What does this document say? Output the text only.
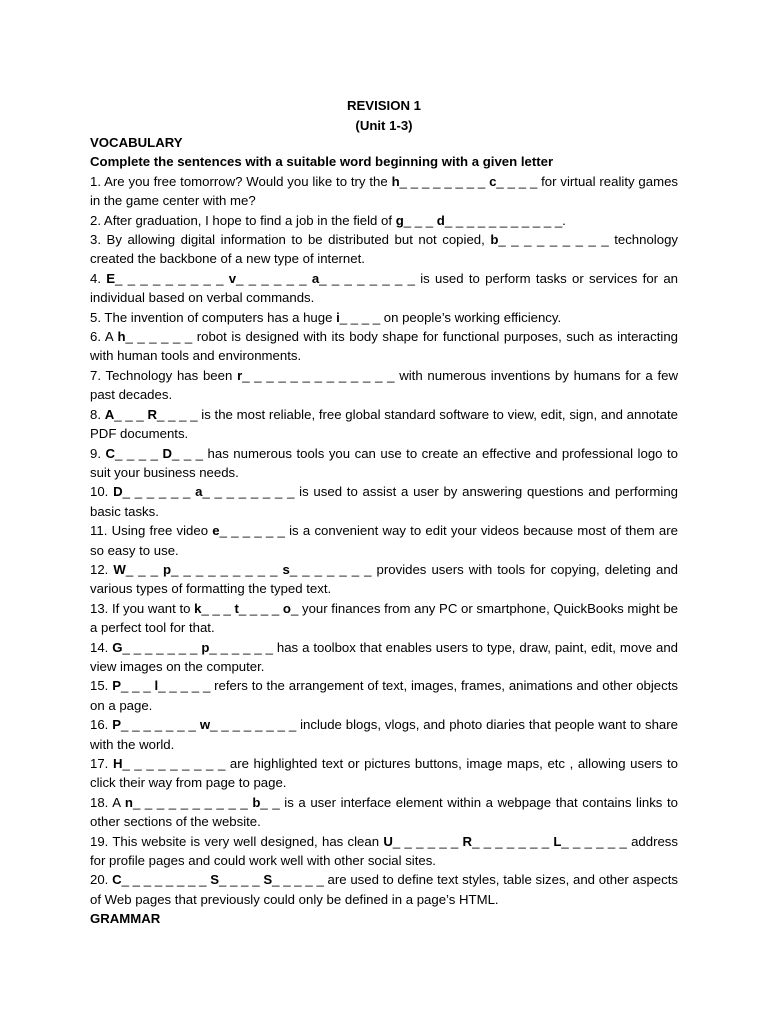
REVISION 1
(Unit 1-3)
VOCABULARY
Complete the sentences with a suitable word beginning with a given letter
1. Are you free tomorrow? Would you like to try the h_ _ _ _ _ _ _ _ c_ _ _ _ for virtual reality games in the game center with me?
2. After graduation, I hope to find a job in the field of g_ _ _ d_ _ _ _ _ _ _ _ _ _ _.
3. By allowing digital information to be distributed but not copied, b_ _ _ _ _ _ _ _ _ technology created the backbone of a new type of internet.
4. E_ _ _ _ _ _ _ _ _ v_ _ _ _ _ _ a_ _ _ _ _ _ _ _ is used to perform tasks or services for an individual based on verbal commands.
5. The invention of computers has a huge i_ _ _ _ on people’s working efficiency.
6. A h_ _ _ _ _ _ robot is designed with its body shape for functional purposes, such as interacting with human tools and environments.
7. Technology has been r_ _ _ _ _ _ _ _ _ _ _ _ _ with numerous inventions by humans for a few past decades.
8. A_ _ _ R_ _ _ _ is the most reliable, free global standard software to view, edit, sign, and annotate PDF documents.
9. C_ _ _ _ D_ _ _ has numerous tools you can use to create an effective and professional logo to suit your business needs.
10. D_ _ _ _ _ _ a_ _ _ _ _ _ _ _ is used to assist a user by answering questions and performing basic tasks.
11. Using free video e_ _ _ _ _ _ is a convenient way to edit your videos because most of them are so easy to use.
12. W_ _ _ p_ _ _ _ _ _ _ _ _ s_ _ _ _ _ _ _ provides users with tools for copying, deleting and various types of formatting the typed text.
13. If you want to k_ _ _ t_ _ _ _ o_ your finances from any PC or smartphone, QuickBooks might be a perfect tool for that.
14. G_ _ _ _ _ _ _ p_ _ _ _ _ _ has a toolbox that enables users to type, draw, paint, edit, move and view images on the computer.
15. P_ _ _ l_ _ _ _ _ refers to the arrangement of text, images, frames, animations and other objects on a page.
16. P_ _ _ _ _ _ _ w_ _ _ _ _ _ _ _ include blogs, vlogs, and photo diaries that people want to share with the world.
17. H_ _ _ _ _ _ _ _ _ are highlighted text or pictures buttons, image maps, etc , allowing users to click their way from page to page.
18. A n_ _ _ _ _ _ _ _ _ _ b_ _ is a user interface element within a webpage that contains links to other sections of the website.
19. This website is very well designed, has clean U_ _ _ _ _ _ R_ _ _ _ _ _ _ L_ _ _ _ _ _ address for profile pages and could work well with other social sites.
20. C_ _ _ _ _ _ _ _ S_ _ _ _ S_ _ _ _ _ are used to define text styles, table sizes, and other aspects of Web pages that previously could only be defined in a page’s HTML.
GRAMMAR
